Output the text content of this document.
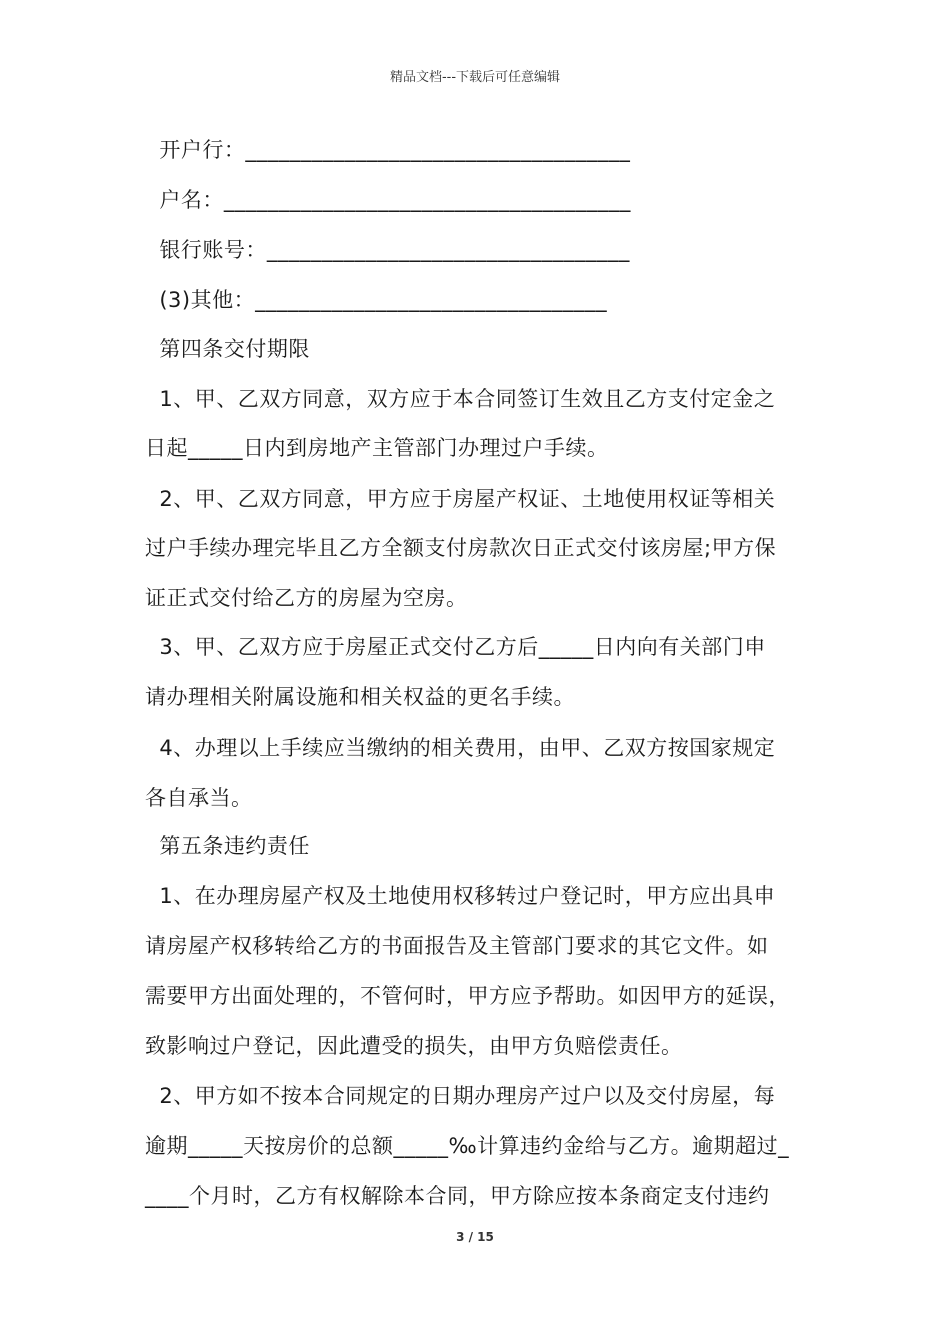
精品文档---下载后可任意编辑
开户行：___________________________________
户名：_____________________________________
银行账号：_________________________________
(3)其他：________________________________
第四条交付期限
1、甲、乙双方同意，双方应于本合同签订生效且乙方支付定金之
日起_____日内到房地产主管部门办理过户手续。
2、甲、乙双方同意，甲方应于房屋产权证、土地使用权证等相关
过户手续办理完毕且乙方全额支付房款次日正式交付该房屋;甲方保
证正式交付给乙方的房屋为空房。
3、甲、乙双方应于房屋正式交付乙方后_____日内向有关部门申
请办理相关附属设施和相关权益的更名手续。
4、办理以上手续应当缴纳的相关费用，由甲、乙双方按国家规定
各自承当。
第五条违约责任
1、在办理房屋产权及土地使用权移转过户登记时，甲方应出具申
请房屋产权移转给乙方的书面报告及主管部门要求的其它文件。如
需要甲方出面处理的，不管何时，甲方应予帮助。如因甲方的延误，
致影响过户登记，因此遭受的损失，由甲方负赔偿责任。
2、甲方如不按本合同规定的日期办理房产过户以及交付房屋，每
逾期_____天按房价的总额_____‰计算违约金给与乙方。逾期超过_
____个月时，乙方有权解除本合同，甲方除应按本条商定支付违约
3 / 15
